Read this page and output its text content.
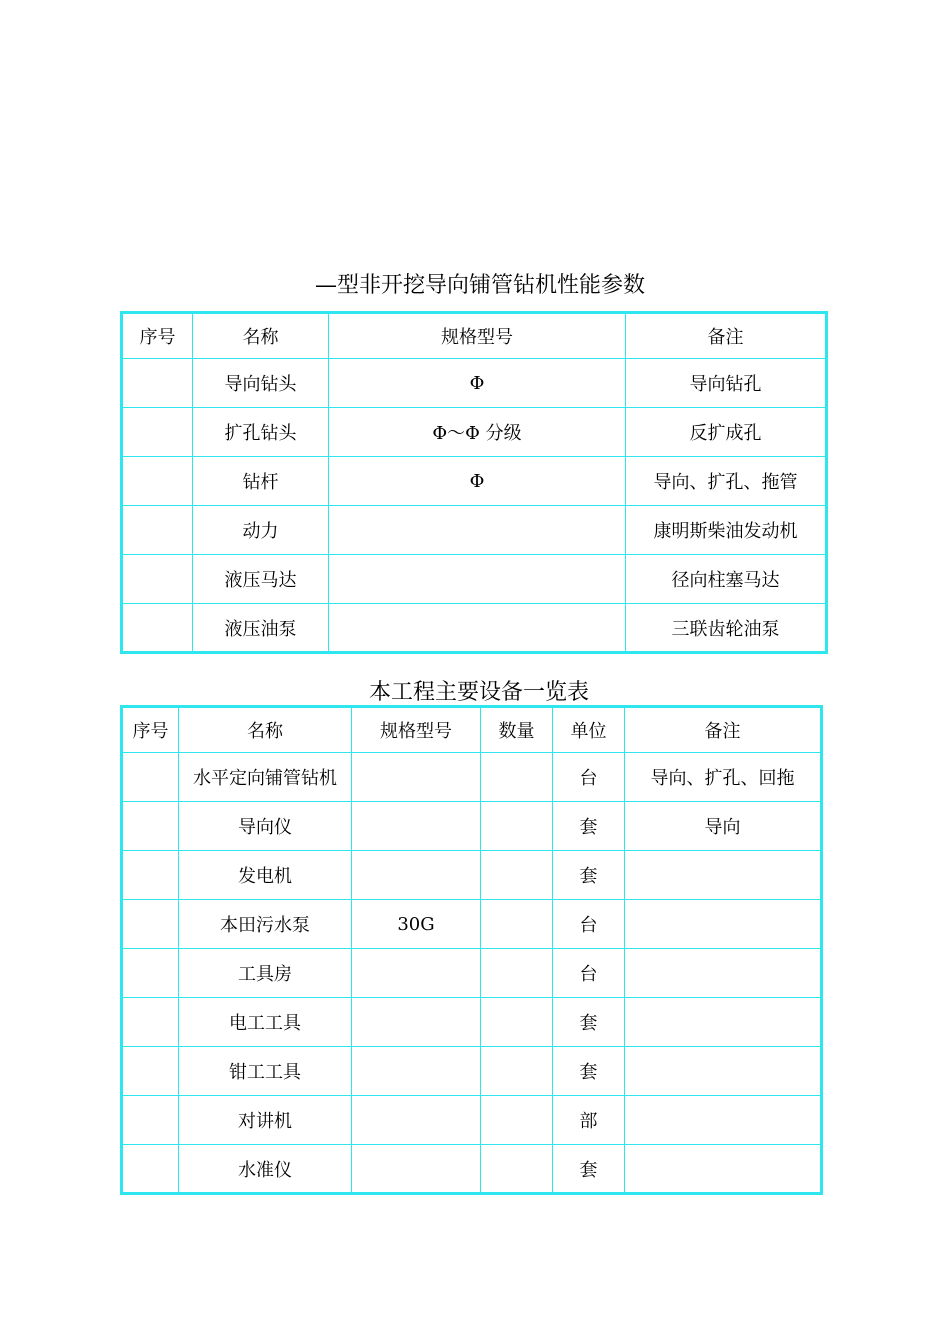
—型非开挖导向铺管钻机性能参数
序号	名称	规格型号	备注
	导向钻头	Φ	导向钻孔
	扩孔钻头	Φ～Φ 分级	反扩成孔
	钻杆	Φ	导向、扩孔、拖管
	动力		康明斯柴油发动机
	液压马达		径向柱塞马达
	液压油泵		三联齿轮油泵
本工程主要设备一览表
序号	名称	规格型号	数量	单位	备注
	水平定向铺管钻机			台	导向、扩孔、回拖
	导向仪			套	导向
	发电机			套	
	本田污水泵	30G		台	
	工具房			台	
	电工工具			套	
	钳工工具			套	
	对讲机			部	
	水准仪			套	
